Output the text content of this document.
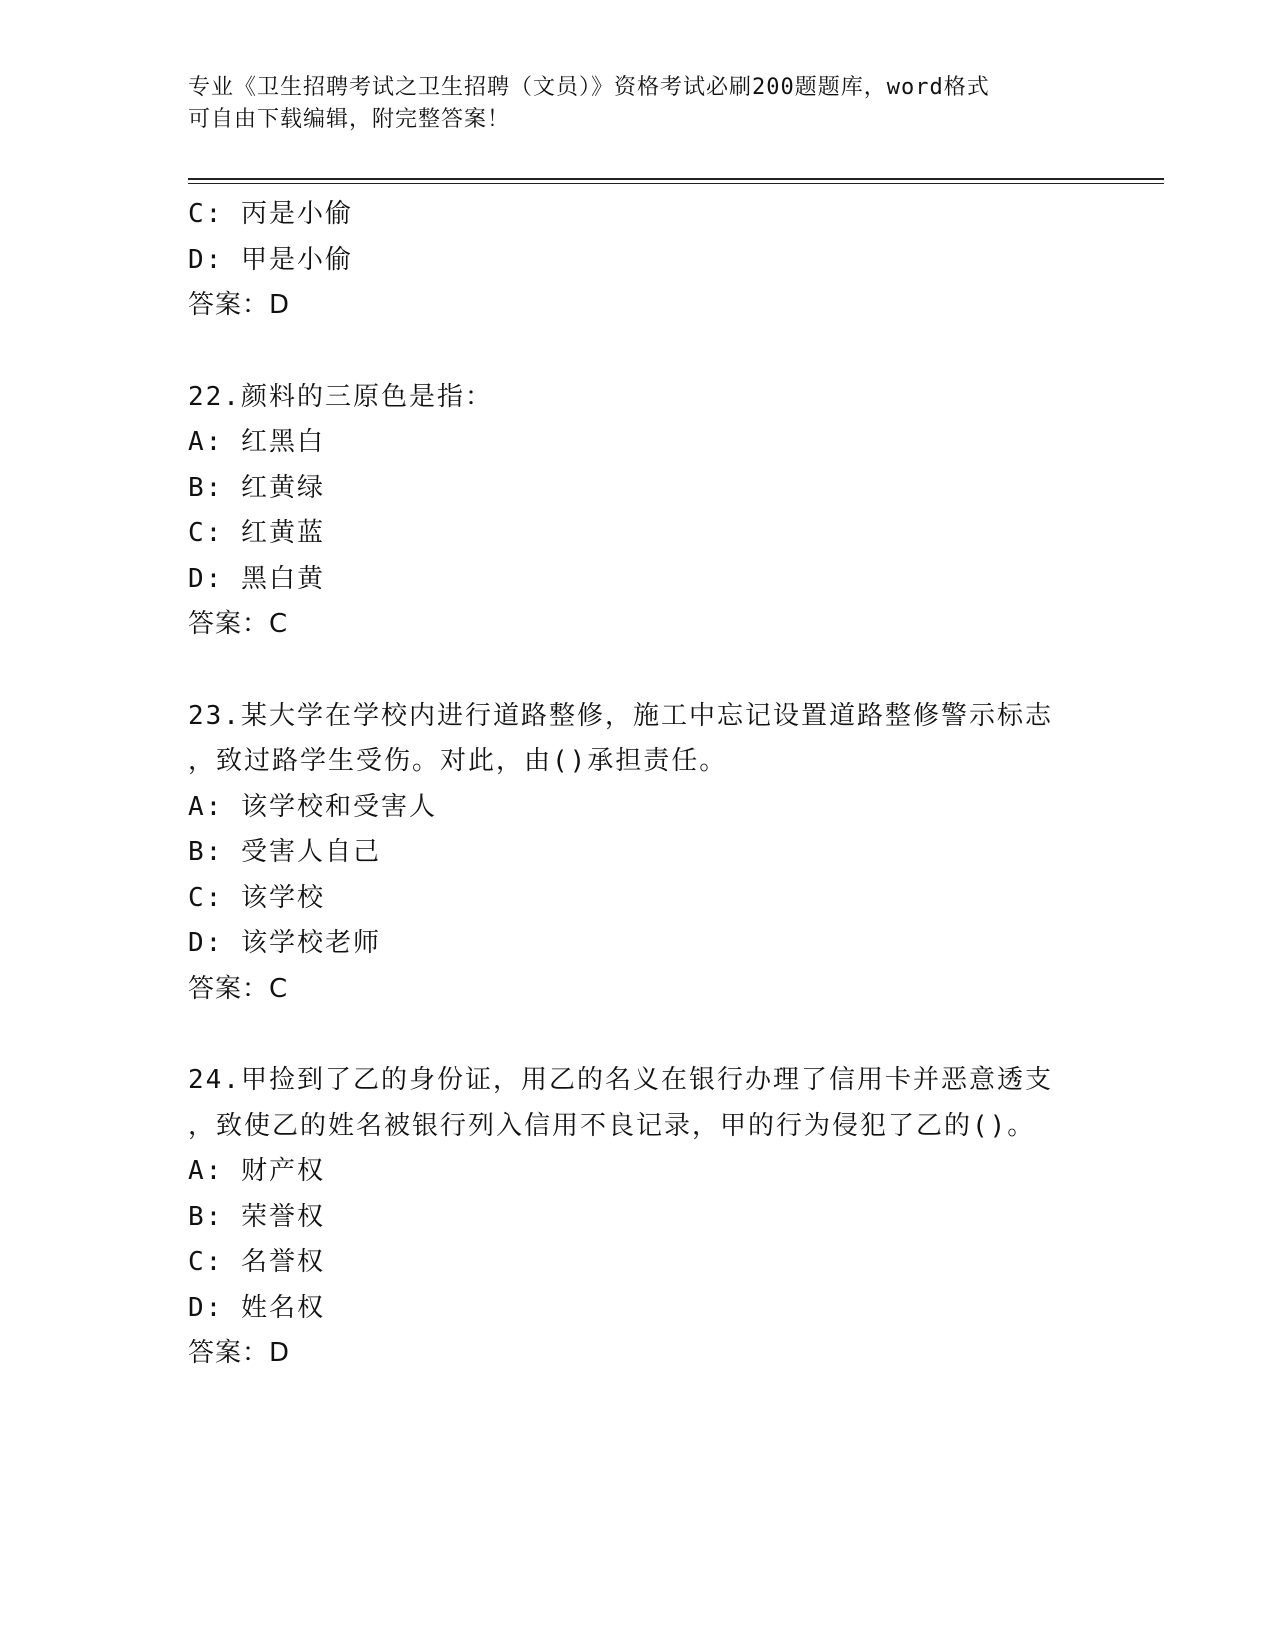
专业《卫生招聘考试之卫生招聘（文员）》资格考试必刷200题题库，word格式
可自由下载编辑，附完整答案！
C: 丙是小偷
D: 甲是小偷
答案：D
22.颜料的三原色是指：
A: 红黑白
B: 红黄绿
C: 红黄蓝
D: 黑白黄
答案：C
23.某大学在学校内进行道路整修，施工中忘记设置道路整修警示标志
，致过路学生受伤。对此，由()承担责任。
A: 该学校和受害人
B: 受害人自己
C: 该学校
D: 该学校老师
答案：C
24.甲捡到了乙的身份证，用乙的名义在银行办理了信用卡并恶意透支
，致使乙的姓名被银行列入信用不良记录，甲的行为侵犯了乙的()。
A: 财产权
B: 荣誉权
C: 名誉权
D: 姓名权
答案：D
